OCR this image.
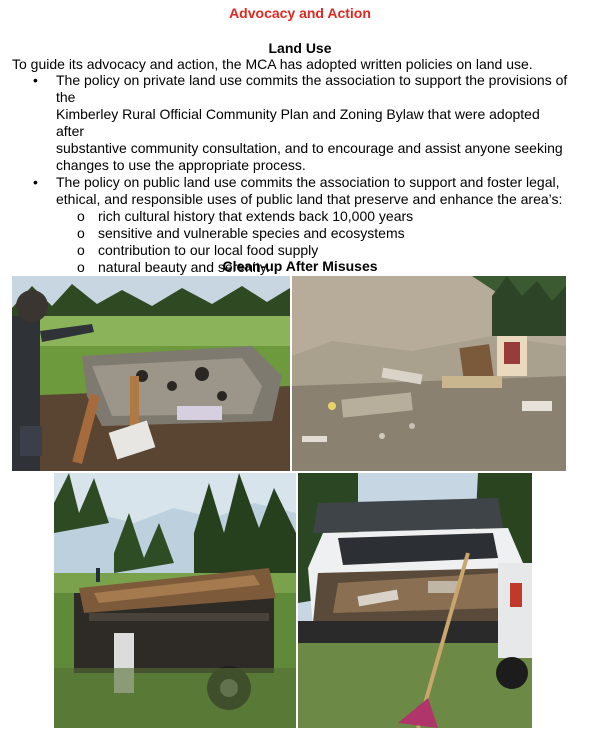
Advocacy and Action
Land Use
To guide its advocacy and action, the MCA has adopted written policies on land use.
• The policy on private land use commits the association to support the provisions of the
Kimberley Rural Official Community Plan and Zoning Bylaw that were adopted after
substantive community consultation, and to encourage and assist anyone seeking
changes to use the appropriate process.
• The policy on public land use commits the association to support and foster legal,
ethical, and responsible uses of public land that preserve and enhance the area’s:
o rich cultural history that extends back 10,000 years
o sensitive and vulnerable species and ecosystems
o contribution to our local food supply
o natural beauty and serenity.
Clean-up After Misuses
